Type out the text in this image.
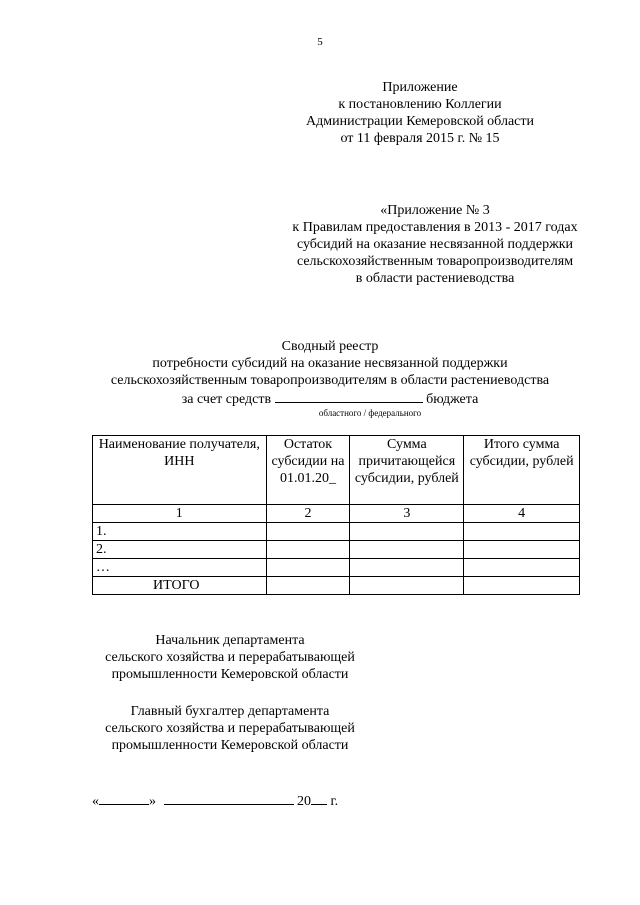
5
Приложение
к постановлению Коллегии
Администрации Кемеровской области
от 11 февраля 2015 г. № 15
«Приложение № 3
к Правилам предоставления в 2013 - 2017 годах
субсидий на оказание несвязанной поддержки
сельскохозяйственным товаропроизводителям
в области растениеводства
Сводный реестр
потребности субсидий на оказание несвязанной поддержки
сельскохозяйственным товаропроизводителям в области растениеводства
за счет средств	бюджета
областного / федерального
Наименование получателя, ИНН	Остаток субсидии на 01.01.20_	Сумма причитающейся субсидии, рублей	Итого сумма субсидии, рублей
1	2	3	4
1.			
2.			
…			
ИТОГО			
Начальник департамента
сельского хозяйства и перерабатывающей
промышленности Кемеровской области
Главный бухгалтер департамента
сельского хозяйства и перерабатывающей
промышленности Кемеровской области
«	»	20 г.
